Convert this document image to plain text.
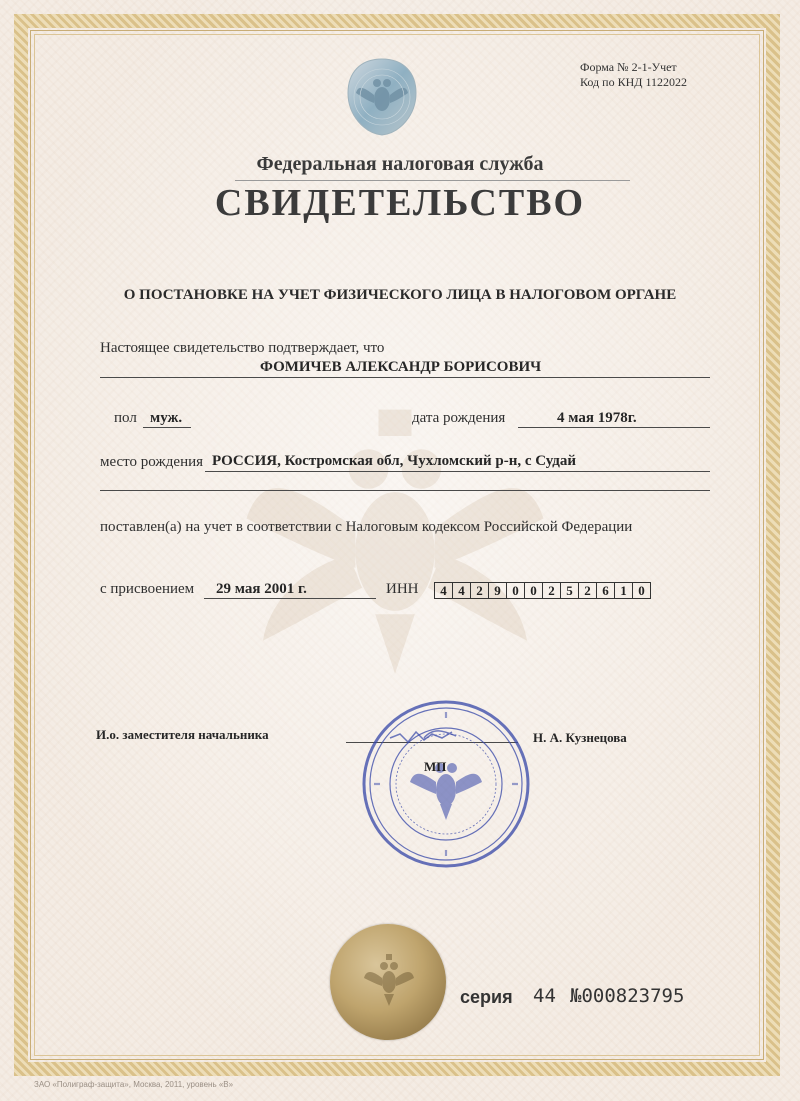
Форма № 2-1-Учет
Код по КНД 1122022
Федеральная налоговая служба
СВИДЕТЕЛЬСТВО
О ПОСТАНОВКЕ НА УЧЕТ ФИЗИЧЕСКОГО ЛИЦА В НАЛОГОВОМ ОРГАНЕ
Настоящее свидетельство подтверждает, что
ФОМИЧЕВ АЛЕКСАНДР БОРИСОВИЧ
пол муж.	дата рождения	4 мая 1978г.
место рождения РОССИЯ, Костромская обл, Чухломский р-н, с Судай
поставлен(а) на учет в соответствии с Налоговым кодексом Российской Федерации
с присвоением 29 мая 2001 г.	ИНН	4 4 2 9 0 0 2 5 2 6 1 0
И.о. заместителя начальника	Н. А. Кузнецова
МП
серия 44 №000823795
ЗАО «Полиграф-защита», Москва, 2011, уровень «В»
